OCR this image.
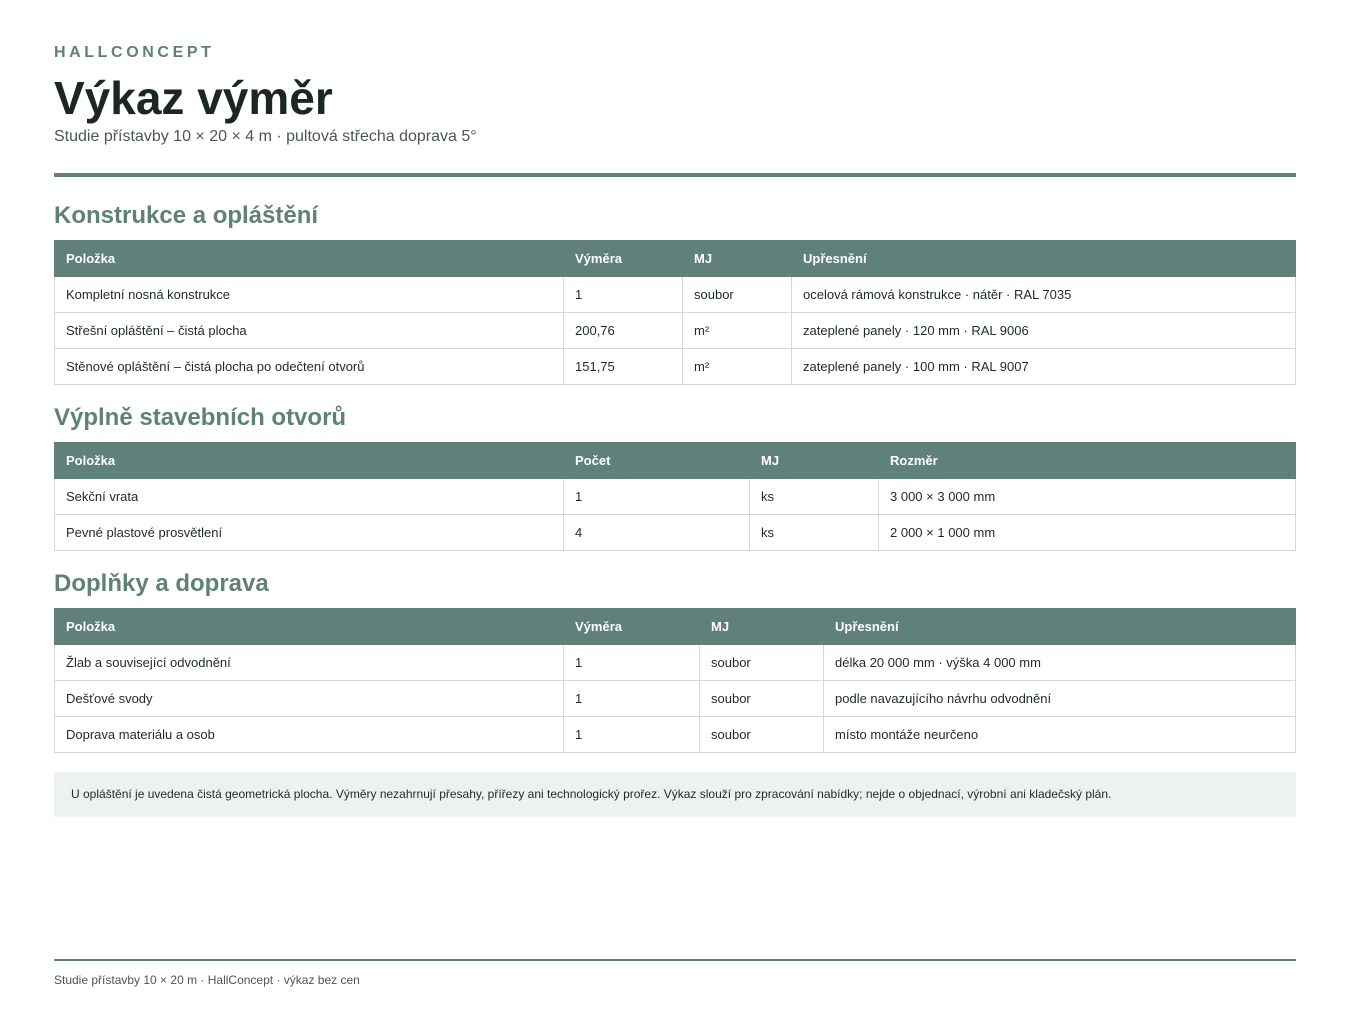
HALLCONCEPT
Výkaz výměr
Studie přístavby 10 × 20 × 4 m · pultová střecha doprava 5°
Konstrukce a opláštění
Položka	Výměra	MJ	Upřesnění
Kompletní nosná konstrukce	1	soubor	ocelová rámová konstrukce · nátěr · RAL 7035
Střešní opláštění – čistá plocha	200,76	m²	zateplené panely · 120 mm · RAL 9006
Stěnové opláštění – čistá plocha po odečtení otvorů	151,75	m²	zateplené panely · 100 mm · RAL 9007
Výplně stavebních otvorů
Položka	Počet	MJ	Rozměr
Sekční vrata	1	ks	3 000 × 3 000 mm
Pevné plastové prosvětlení	4	ks	2 000 × 1 000 mm
Doplňky a doprava
Položka	Výměra	MJ	Upřesnění
Žlab a související odvodnění	1	soubor	délka 20 000 mm · výška 4 000 mm
Dešťové svody	1	soubor	podle navazujícího návrhu odvodnění
Doprava materiálu a osob	1	soubor	místo montáže neurčeno
U opláštění je uvedena čistá geometrická plocha. Výměry nezahrnují přesahy, přířezy ani technologický prořez. Výkaz slouží pro zpracování nabídky; nejde o objednací, výrobní ani kladečský plán.
Studie přístavby 10 × 20 m · HallConcept · výkaz bez cen
